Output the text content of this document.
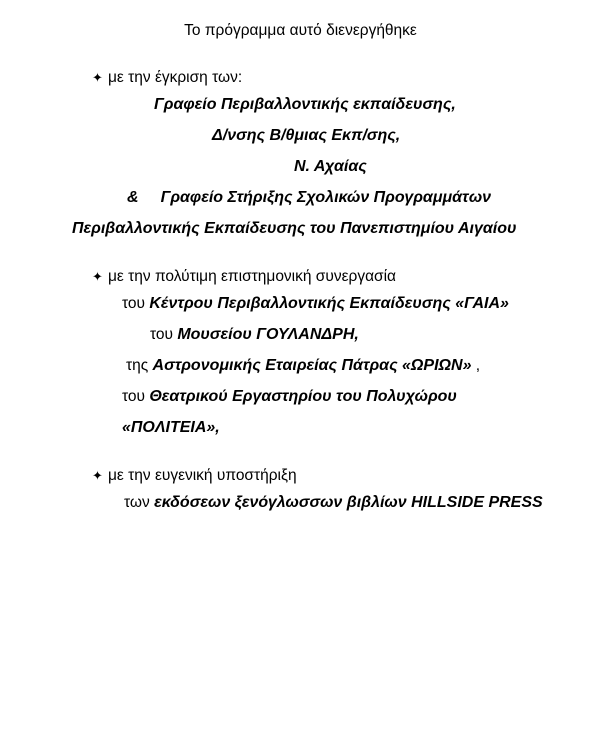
Το πρόγραμμα αυτό διενεργήθηκε
✦ με την έγκριση των:
Γραφείο Περιβαλλοντικής εκπαίδευσης,
Δ/νσης Β/θμιας Εκπ/σης,
Ν. Αχαίας
& Γραφείο Στήριξης Σχολικών Προγραμμάτων
Περιβαλλοντικής Εκπαίδευσης του Πανεπιστημίου Αιγαίου
✦ με την πολύτιμη επιστημονική συνεργασία
του Κέντρου Περιβαλλοντικής Εκπαίδευσης «ΓΑΙΑ»
του Μουσείου ΓΟΥΛΑΝΔΡΗ,
της Αστρονομικής Εταιρείας Πάτρας «ΩΡΙΩΝ» ,
του Θεατρικού Εργαστηρίου του Πολυχώρου
«ΠΟΛΙΤΕΙΑ»,
✦ με την ευγενική υποστήριξη
των εκδόσεων ξενόγλωσσων βιβλίων HILLSIDE PRESS
